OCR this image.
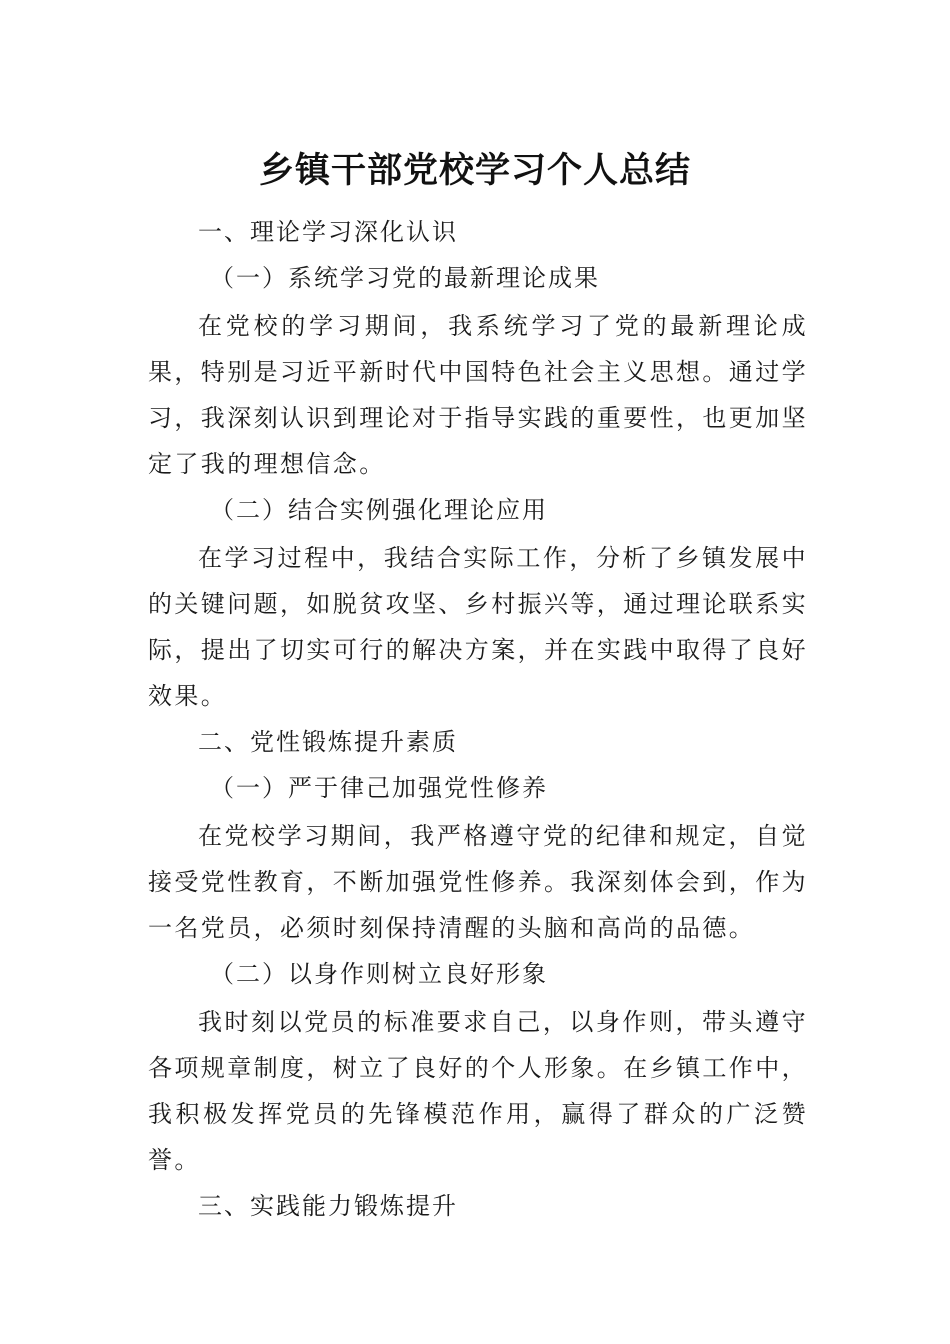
乡镇干部党校学习个人总结

一、理论学习深化认识

（一）系统学习党的最新理论成果

在党校的学习期间，我系统学习了党的最新理论成果，特别是习近平新时代中国特色社会主义思想。通过学习，我深刻认识到理论对于指导实践的重要性，也更加坚定了我的理想信念。

（二）结合实例强化理论应用

在学习过程中，我结合实际工作，分析了乡镇发展中的关键问题，如脱贫攻坚、乡村振兴等，通过理论联系实际，提出了切实可行的解决方案，并在实践中取得了良好效果。

二、党性锻炼提升素质

（一）严于律己加强党性修养

在党校学习期间，我严格遵守党的纪律和规定，自觉接受党性教育，不断加强党性修养。我深刻体会到，作为一名党员，必须时刻保持清醒的头脑和高尚的品德。

（二）以身作则树立良好形象

我时刻以党员的标准要求自己，以身作则，带头遵守各项规章制度，树立了良好的个人形象。在乡镇工作中，我积极发挥党员的先锋模范作用，赢得了群众的广泛赞誉。

三、实践能力锻炼提升
